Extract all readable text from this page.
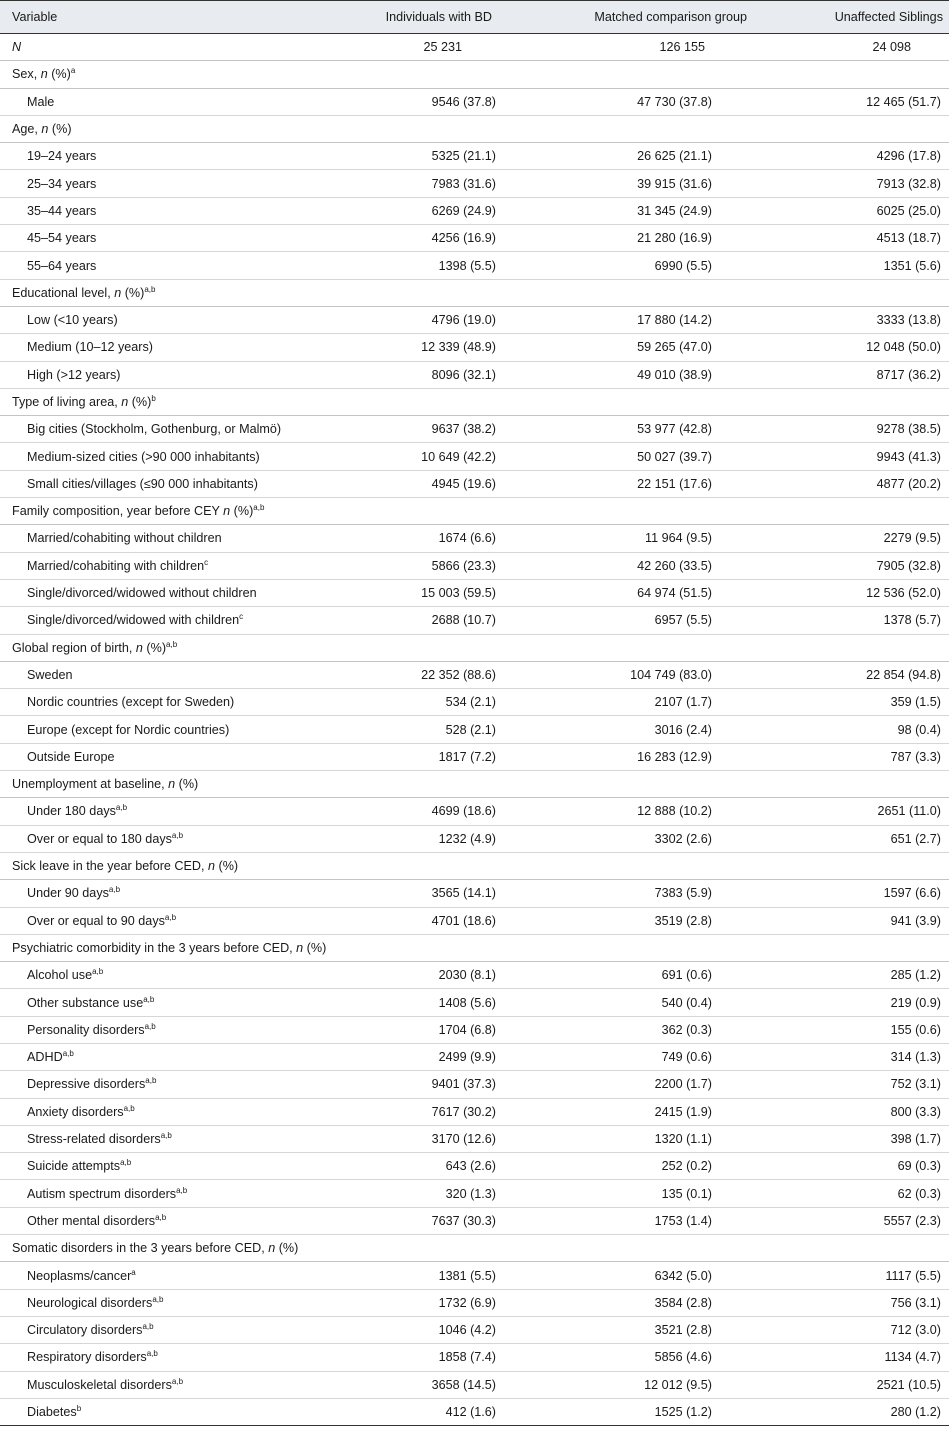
Variable	Individuals with BD	Matched comparison group	Unaffected Siblings
N	25 231	126 155	24 098
Sex, n (%)$^a$
Male	9546 (37.8)	47 730 (37.8)	12 465 (51.7)
Age, n (%)			
19–24 years	5325 (21.1)	26 625 (21.1)	4296 (17.8)
25–34 years	7983 (31.6)	39 915 (31.6)	7913 (32.8)
35–44 years	6269 (24.9)	31 345 (24.9)	6025 (25.0)
45–54 years	4256 (16.9)	21 280 (16.9)	4513 (18.7)
55–64 years	1398 (5.5)	6990 (5.5)	1351 (5.6)
Educational level, n (%)$^{a,b}$
Low (<10 years)	4796 (19.0)	17 880 (14.2)	3333 (13.8)
Medium (10–12 years)	12 339 (48.9)	59 265 (47.0)	12 048 (50.0)
High (>12 years)	8096 (32.1)	49 010 (38.9)	8717 (36.2)
Type of living area, n (%)$^b$
Big cities (Stockholm, Gothenburg, or Malmö)	9637 (38.2)	53 977 (42.8)	9278 (38.5)
Medium-sized cities (>90 000 inhabitants)	10 649 (42.2)	50 027 (39.7)	9943 (41.3)
Small cities/villages (≤90 000 inhabitants)	4945 (19.6)	22 151 (17.6)	4877 (20.2)
Family composition, year before CEY n (%)$^{a,b}$
Married/cohabiting without children	1674 (6.6)	11 964 (9.5)	2279 (9.5)
Married/cohabiting with children$^c$	5866 (23.3)	42 260 (33.5)	7905 (32.8)
Single/divorced/widowed without children	15 003 (59.5)	64 974 (51.5)	12 536 (52.0)
Single/divorced/widowed with children$^c$	2688 (10.7)	6957 (5.5)	1378 (5.7)
Global region of birth, n (%)$^{a,b}$
Sweden	22 352 (88.6)	104 749 (83.0)	22 854 (94.8)
Nordic countries (except for Sweden)	534 (2.1)	2107 (1.7)	359 (1.5)
Europe (except for Nordic countries)	528 (2.1)	3016 (2.4)	98 (0.4)
Outside Europe	1817 (7.2)	16 283 (12.9)	787 (3.3)
Unemployment at baseline, n (%)			
Under 180 days$^{a,b}$	4699 (18.6)	12 888 (10.2)	2651 (11.0)
Over or equal to 180 days$^{a,b}$	1232 (4.9)	3302 (2.6)	651 (2.7)
Sick leave in the year before CED, n (%)			
Under 90 days$^{a,b}$	3565 (14.1)	7383 (5.9)	1597 (6.6)
Over or equal to 90 days$^{a,b}$	4701 (18.6)	3519 (2.8)	941 (3.9)
Psychiatric comorbidity in the 3 years before CED, n (%)			
Alcohol use$^{a,b}$	2030 (8.1)	691 (0.6)	285 (1.2)
Other substance use$^{a,b}$	1408 (5.6)	540 (0.4)	219 (0.9)
Personality disorders$^{a,b}$	1704 (6.8)	362 (0.3)	155 (0.6)
ADHD$^{a,b}$	2499 (9.9)	749 (0.6)	314 (1.3)
Depressive disorders$^{a,b}$	9401 (37.3)	2200 (1.7)	752 (3.1)
Anxiety disorders$^{a,b}$	7617 (30.2)	2415 (1.9)	800 (3.3)
Stress-related disorders$^{a,b}$	3170 (12.6)	1320 (1.1)	398 (1.7)
Suicide attempts$^{a,b}$	643 (2.6)	252 (0.2)	69 (0.3)
Autism spectrum disorders$^{a,b}$	320 (1.3)	135 (0.1)	62 (0.3)
Other mental disorders$^{a,b}$	7637 (30.3)	1753 (1.4)	5557 (2.3)
Somatic disorders in the 3 years before CED, n (%)			
Neoplasms/cancer$^a$	1381 (5.5)	6342 (5.0)	1117 (5.5)
Neurological disorders$^{a,b}$	1732 (6.9)	3584 (2.8)	756 (3.1)
Circulatory disorders$^{a,b}$	1046 (4.2)	3521 (2.8)	712 (3.0)
Respiratory disorders$^{a,b}$	1858 (7.4)	5856 (4.6)	1134 (4.7)
Musculoskeletal disorders$^{a,b}$	3658 (14.5)	12 012 (9.5)	2521 (10.5)
Diabetes$^b$	412 (1.6)	1525 (1.2)	280 (1.2)
